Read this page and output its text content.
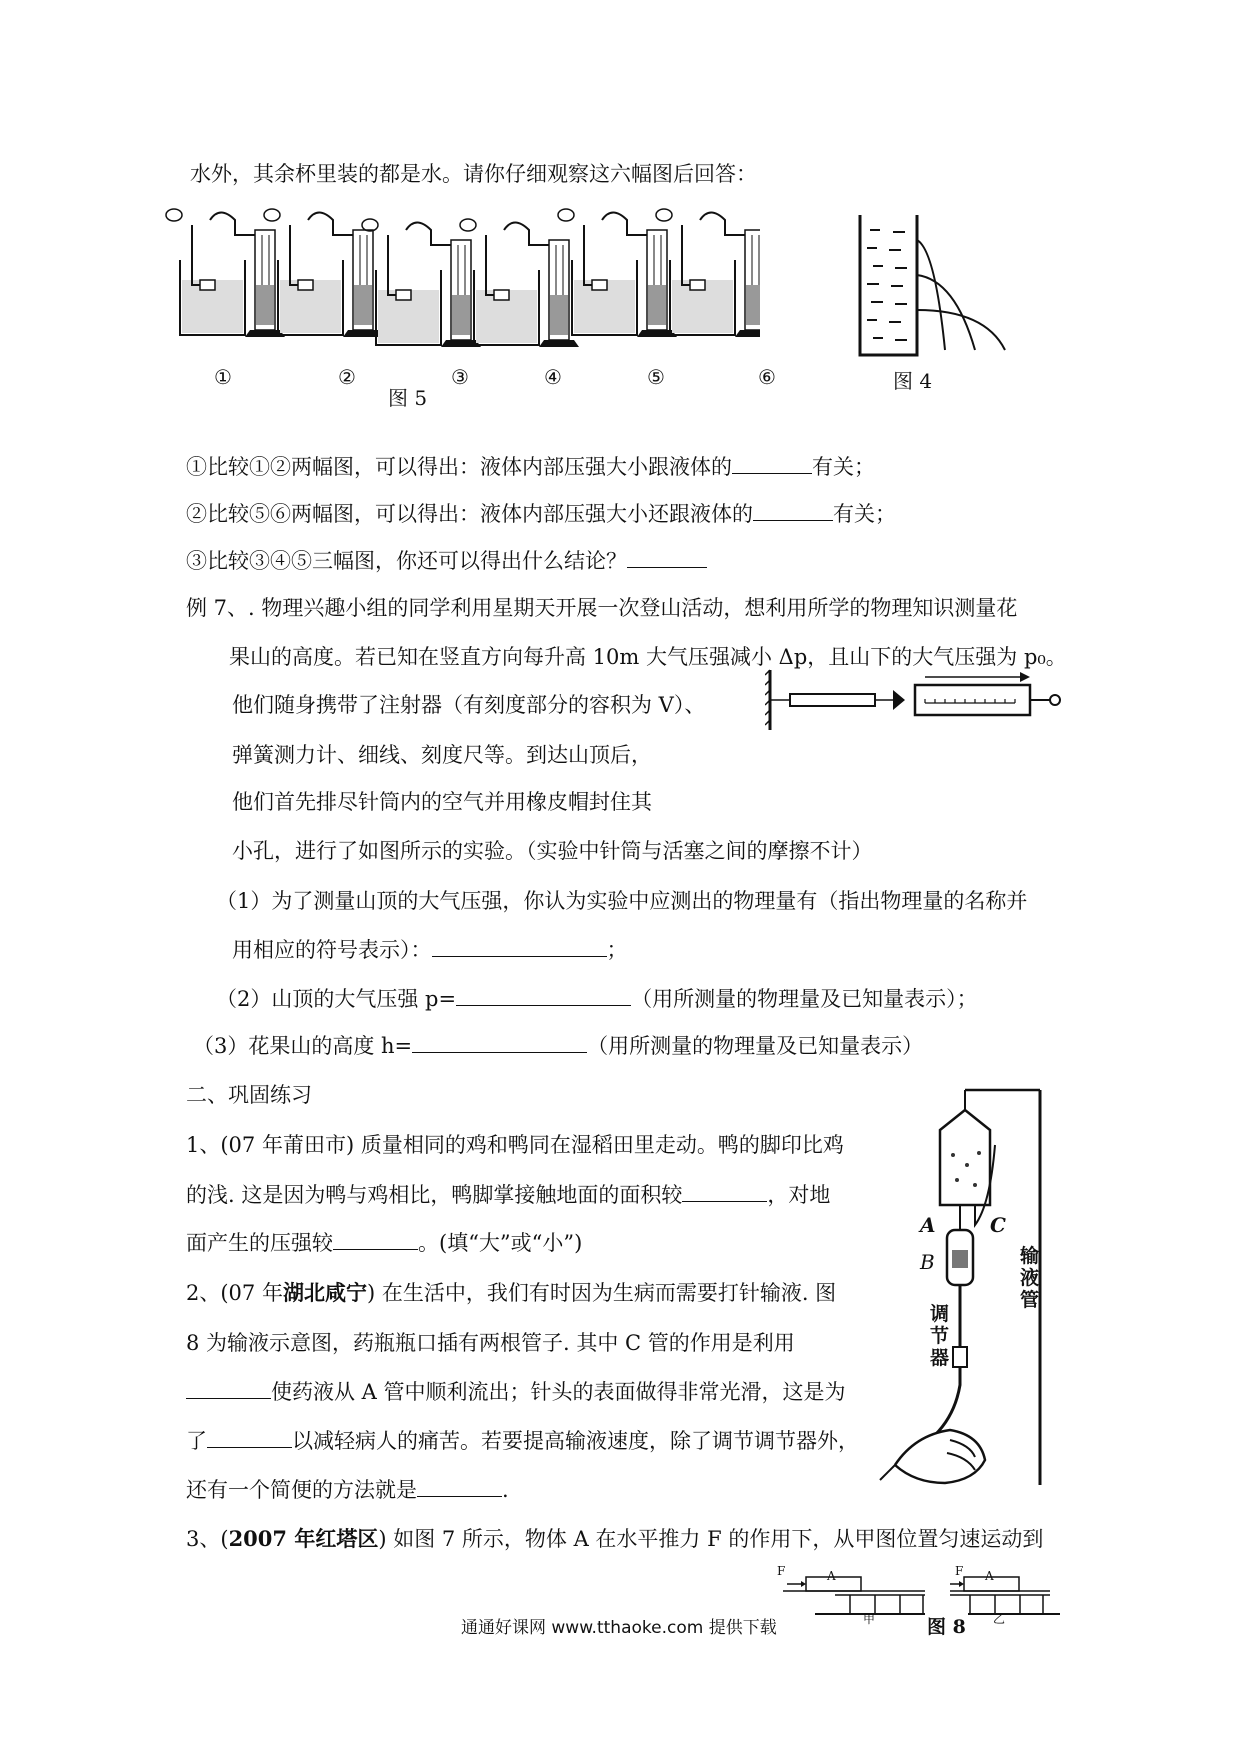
水外，其余杯里装的都是水。请你仔细观察这六幅图后回答：
①	②	③	④	⑤	⑥
图 5
图 4
①比较①②两幅图，可以得出：液体内部压强大小跟液体的	有关；
②比较⑤⑥两幅图，可以得出：液体内部压强大小还跟液体的	有关；
③比较③④⑤三幅图，你还可以得出什么结论？
例 7、. 物理兴趣小组的同学利用星期天开展一次登山活动，想利用所学的物理知识测量花
果山的高度。若已知在竖直方向每升高 10m 大气压强减小 Δp，且山下的大气压强为 p₀。
他们随身携带了注射器（有刻度部分的容积为 V）、
弹簧测力计、细线、刻度尺等。到达山顶后，
他们首先排尽针筒内的空气并用橡皮帽封住其
小孔，进行了如图所示的实验。（实验中针筒与活塞之间的摩擦不计）
（1）为了测量山顶的大气压强，你认为实验中应测出的物理量有（指出物理量的名称并
用相应的符号表示）：	；
（2）山顶的大气压强 p=	（用所测量的物理量及已知量表示）；
（3）花果山的高度 h=	（用所测量的物理量及已知量表示）
二、巩固练习
1、(07 年莆田市) 质量相同的鸡和鸭同在湿稻田里走动。鸭的脚印比鸡
的浅. 这是因为鸭与鸡相比，鸭脚掌接触地面的面积较	，对地
面产生的压强较	。(填“大”或“小”)
2、(07 年湖北咸宁) 在生活中，我们有时因为生病而需要打针输液. 图
8 为输液示意图，药瓶瓶口插有两根管子. 其中 C 管的作用是利用
使药液从 A 管中顺利流出；针头的表面做得非常光滑，这是为
了	以减轻病人的痛苦。若要提高输液速度，除了调节调节器外，
还有一个简便的方法就是	.
A
B
C
输液管
调节器
3、(2007 年红塔区) 如图 7 所示，物体 A 在水平推力 F 的作用下，从甲图位置匀速运动到
F	A	F A
甲	乙
图 8
通通好课网 www.tthaoke.com 提供下载
